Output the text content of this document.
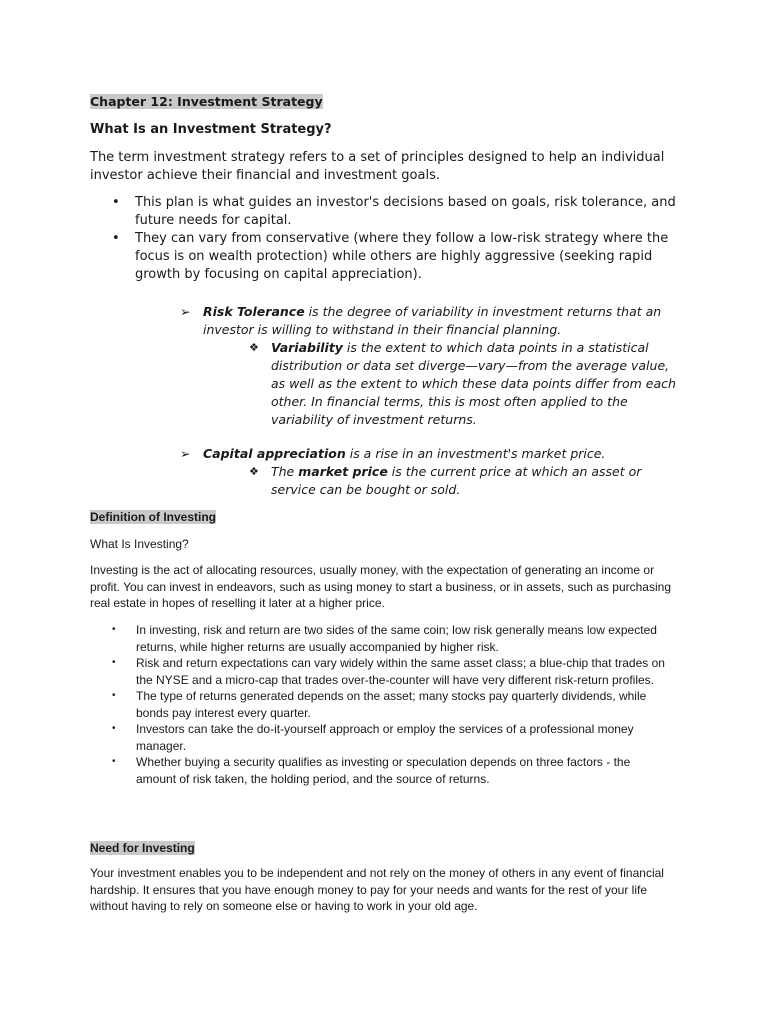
Chapter 12: Investment Strategy
What Is an Investment Strategy?

The term investment strategy refers to a set of principles designed to help an individual investor achieve their financial and investment goals.

• This plan is what guides an investor's decisions based on goals, risk tolerance, and future needs for capital.
• They can vary from conservative (where they follow a low-risk strategy where the focus is on wealth protection) while others are highly aggressive (seeking rapid growth by focusing on capital appreciation).
➢ Risk Tolerance is the degree of variability in investment returns that an investor is willing to withstand in their financial planning.
❖ Variability is the extent to which data points in a statistical distribution or data set diverge—vary—from the average value, as well as the extent to which these data points differ from each other. In financial terms, this is most often applied to the variability of investment returns.
➢ Capital appreciation is a rise in an investment's market price.
❖ The market price is the current price at which an asset or service can be bought or sold.
Definition of Investing
What Is Investing?

Investing is the act of allocating resources, usually money, with the expectation of generating an income or profit. You can invest in endeavors, such as using money to start a business, or in assets, such as purchasing real estate in hopes of reselling it later at a higher price.

• In investing, risk and return are two sides of the same coin; low risk generally means low expected returns, while higher returns are usually accompanied by higher risk.
• Risk and return expectations can vary widely within the same asset class; a blue-chip that trades on the NYSE and a micro-cap that trades over-the-counter will have very different risk-return profiles.
• The type of returns generated depends on the asset; many stocks pay quarterly dividends, while bonds pay interest every quarter.
• Investors can take the do-it-yourself approach or employ the services of a professional money manager.
• Whether buying a security qualifies as investing or speculation depends on three factors - the amount of risk taken, the holding period, and the source of returns.
Need for Investing

Your investment enables you to be independent and not rely on the money of others in any event of financial hardship. It ensures that you have enough money to pay for your needs and wants for the rest of your life without having to rely on someone else or having to work in your old age.
